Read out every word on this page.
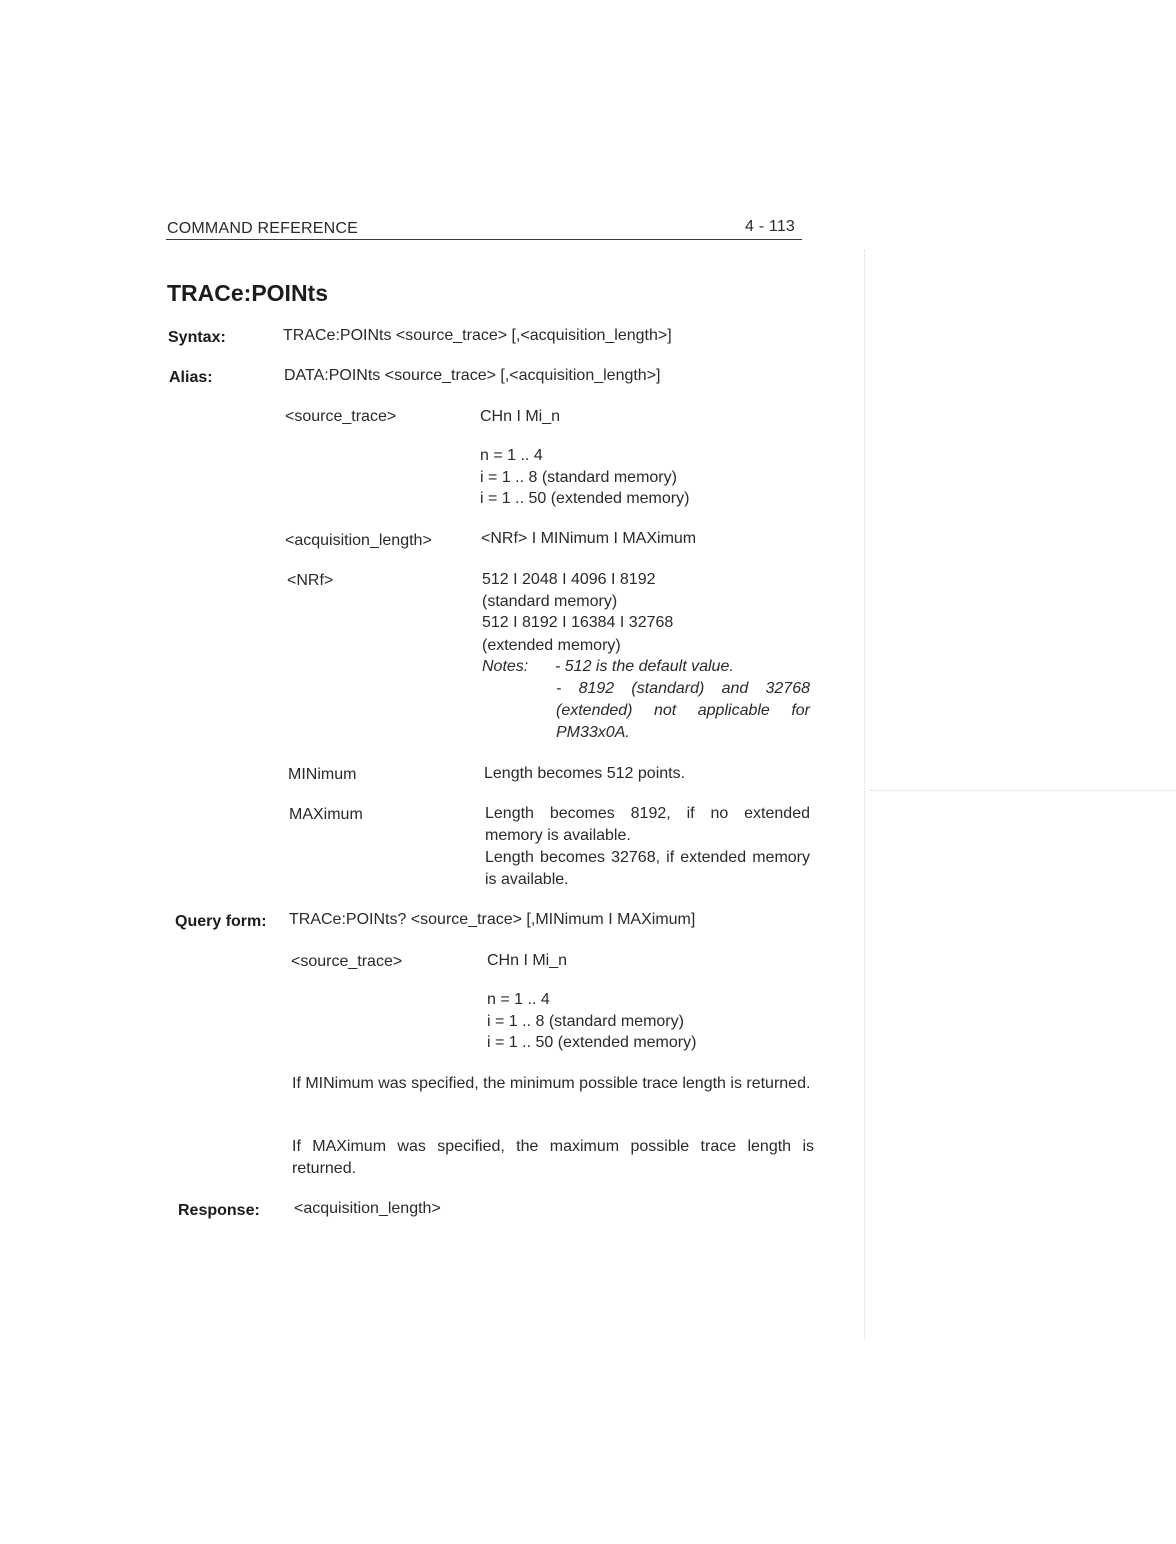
COMMAND REFERENCE	4 - 113
TRACe:POINts
Syntax:	TRACe:POINts <source_trace> [,<acquisition_length>]
Alias:	DATA:POINts <source_trace> [,<acquisition_length>]
<source_trace>	CHn I Mi_n
n = 1 .. 4
i = 1 .. 8 (standard memory)
i = 1 .. 50 (extended memory)
<acquisition_length>	<NRf> I MINimum I MAXimum
<NRf>	512 I 2048 I 4096 I 8192
(standard memory)
512 I 8192 I 16384 I 32768
(extended memory)
Notes: - 512 is the default value.
- 8192 (standard) and 32768 (extended) not applicable for PM33x0A.
MINimum	Length becomes 512 points.
MAXimum	Length becomes 8192, if no extended memory is available.
Length becomes 32768, if extended memory is available.
Query form: TRACe:POINts? <source_trace> [,MINimum I MAXimum]
<source_trace>	CHn I Mi_n
n = 1 .. 4
i = 1 .. 8 (standard memory)
i = 1 .. 50 (extended memory)
If MINimum was specified, the minimum possible trace length is returned.
If MAXimum was specified, the maximum possible trace length is returned.
Response: <acquisition_length>
